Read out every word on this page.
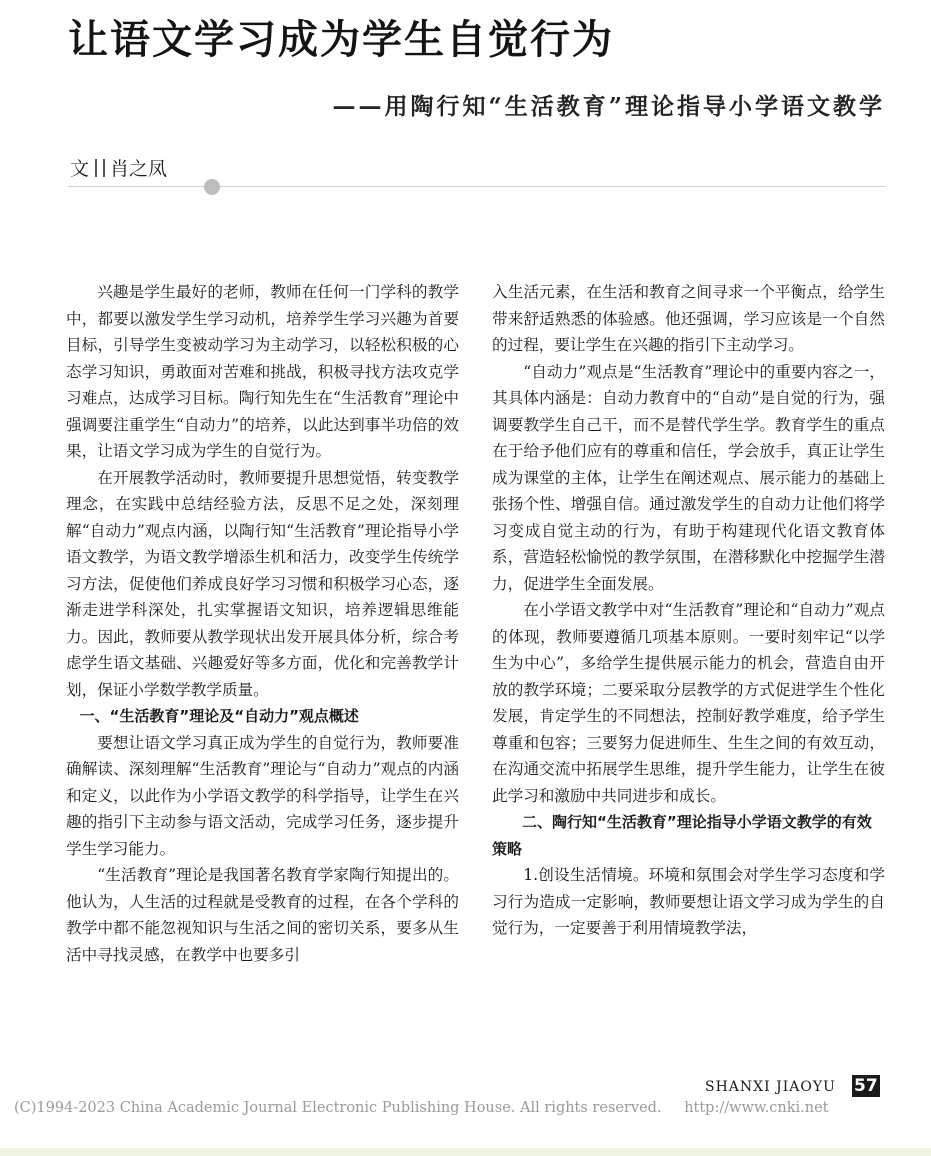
让语文学习成为学生自觉行为
——用陶行知“生活教育”理论指导小学语文教学
文 肖之凤

兴趣是学生最好的老师，教师在任何一门学科的教学中，都要以激发学生学习动机，培养学生学习兴趣为首要目标，引导学生变被动学习为主动学习，以轻松积极的心态学习知识，勇敢面对苦难和挑战，积极寻找方法攻克学习难点，达成学习目标。陶行知先生在“生活教育”理论中强调要注重学生“自动力”的培养，以此达到事半功倍的效果，让语文学习成为学生的自觉行为。

在开展教学活动时，教师要提升思想觉悟，转变教学理念，在实践中总结经验方法，反思不足之处，深刻理解“自动力”观点内涵，以陶行知“生活教育”理论指导小学语文教学，为语文教学增添生机和活力，改变学生传统学习方法，促使他们养成良好学习习惯和积极学习心态，逐渐走进学科深处，扎实掌握语文知识，培养逻辑思维能力。因此，教师要从教学现状出发开展具体分析，综合考虑学生语文基础、兴趣爱好等多方面，优化和完善教学计划，保证小学数学教学质量。

一、“生活教育”理论及“自动力”观点概述

要想让语文学习真正成为学生的自觉行为，教师要准确解读、深刻理解“生活教育”理论与“自动力”观点的内涵和定义，以此作为小学语文教学的科学指导，让学生在兴趣的指引下主动参与语文活动，完成学习任务，逐步提升学生学习能力。

“生活教育”理论是我国著名教育学家陶行知提出的。他认为，人生活的过程就是受教育的过程，在各个学科的教学中都不能忽视知识与生活之间的密切关系，要多从生活中寻找灵感，在教学中也要多引

入生活元素，在生活和教育之间寻求一个平衡点，给学生带来舒适熟悉的体验感。他还强调，学习应该是一个自然的过程，要让学生在兴趣的指引下主动学习。

“自动力”观点是“生活教育”理论中的重要内容之一，其具体内涵是：自动力教育中的“自动”是自觉的行为，强调要教学生自己干，而不是替代学生学。教育学生的重点在于给予他们应有的尊重和信任，学会放手，真正让学生成为课堂的主体，让学生在阐述观点、展示能力的基础上张扬个性、增强自信。通过激发学生的自动力让他们将学习变成自觉主动的行为，有助于构建现代化语文教育体系，营造轻松愉悦的教学氛围，在潜移默化中挖掘学生潜力，促进学生全面发展。

在小学语文教学中对“生活教育”理论和“自动力”观点的体现，教师要遵循几项基本原则。一要时刻牢记“以学生为中心”，多给学生提供展示能力的机会，营造自由开放的教学环境；二要采取分层教学的方式促进学生个性化发展，肯定学生的不同想法，控制好教学难度，给予学生尊重和包容；三要努力促进师生、生生之间的有效互动，在沟通交流中拓展学生思维，提升学生能力，让学生在彼此学习和激励中共同进步和成长。

二、陶行知“生活教育”理论指导小学语文教学的有效策略

1.创设生活情境。环境和氛围会对学生学习态度和学习行为造成一定影响，教师要想让语文学习成为学生的自觉行为，一定要善于利用情境教学法，

SHANXI JIAOYU 57
(C)1994-2023 China Academic Journal Electronic Publishing House. All rights reserved. http://www.cnki.net
